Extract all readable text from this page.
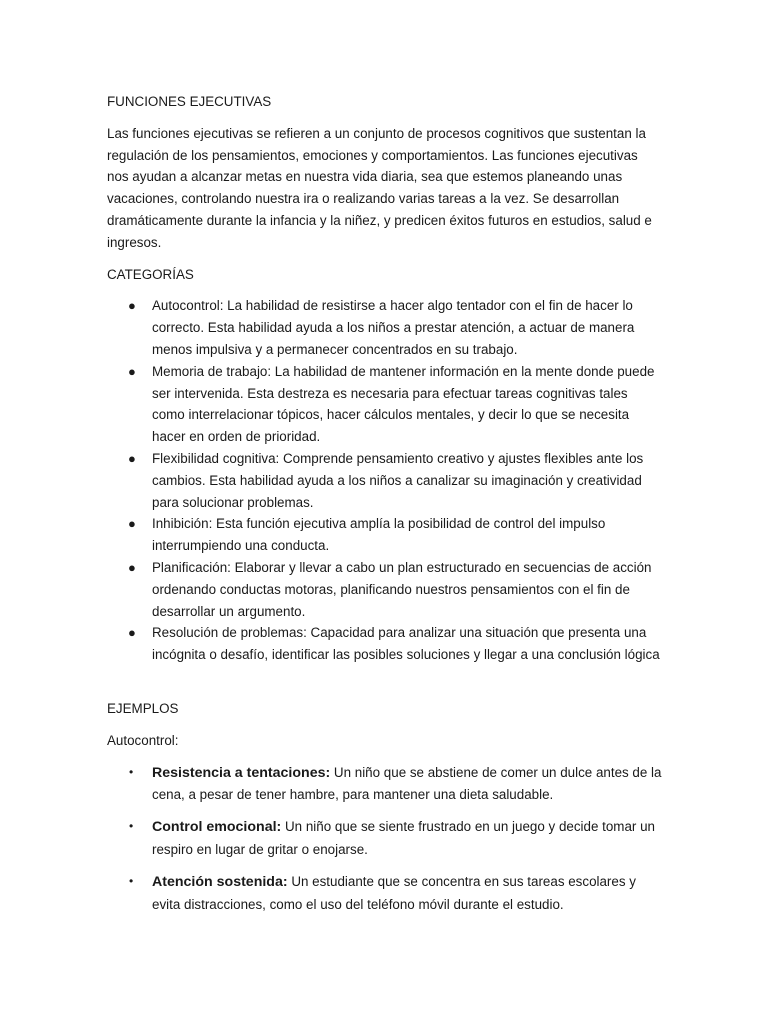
FUNCIONES EJECUTIVAS

Las funciones ejecutivas se refieren a un conjunto de procesos cognitivos que sustentan la regulación de los pensamientos, emociones y comportamientos. Las funciones ejecutivas nos ayudan a alcanzar metas en nuestra vida diaria, sea que estemos planeando unas vacaciones, controlando nuestra ira o realizando varias tareas a la vez. Se desarrollan dramáticamente durante la infancia y la niñez, y predicen éxitos futuros en estudios, salud e ingresos.

CATEGORÍAS

● Autocontrol: La habilidad de resistirse a hacer algo tentador con el fin de hacer lo correcto. Esta habilidad ayuda a los niños a prestar atención, a actuar de manera menos impulsiva y a permanecer concentrados en su trabajo.
● Memoria de trabajo: La habilidad de mantener información en la mente donde puede ser intervenida. Esta destreza es necesaria para efectuar tareas cognitivas tales como interrelacionar tópicos, hacer cálculos mentales, y decir lo que se necesita hacer en orden de prioridad.
● Flexibilidad cognitiva: Comprende pensamiento creativo y ajustes flexibles ante los cambios. Esta habilidad ayuda a los niños a canalizar su imaginación y creatividad para solucionar problemas.
● Inhibición: Esta función ejecutiva amplía la posibilidad de control del impulso interrumpiendo una conducta.
● Planificación: Elaborar y llevar a cabo un plan estructurado en secuencias de acción ordenando conductas motoras, planificando nuestros pensamientos con el fin de desarrollar un argumento.
● Resolución de problemas: Capacidad para analizar una situación que presenta una incógnita o desafío, identificar las posibles soluciones y llegar a una conclusión lógica

EJEMPLOS

Autocontrol:

• Resistencia a tentaciones: Un niño que se abstiene de comer un dulce antes de la cena, a pesar de tener hambre, para mantener una dieta saludable.
• Control emocional: Un niño que se siente frustrado en un juego y decide tomar un respiro en lugar de gritar o enojarse.
• Atención sostenida: Un estudiante que se concentra en sus tareas escolares y evita distracciones, como el uso del teléfono móvil durante el estudio.
